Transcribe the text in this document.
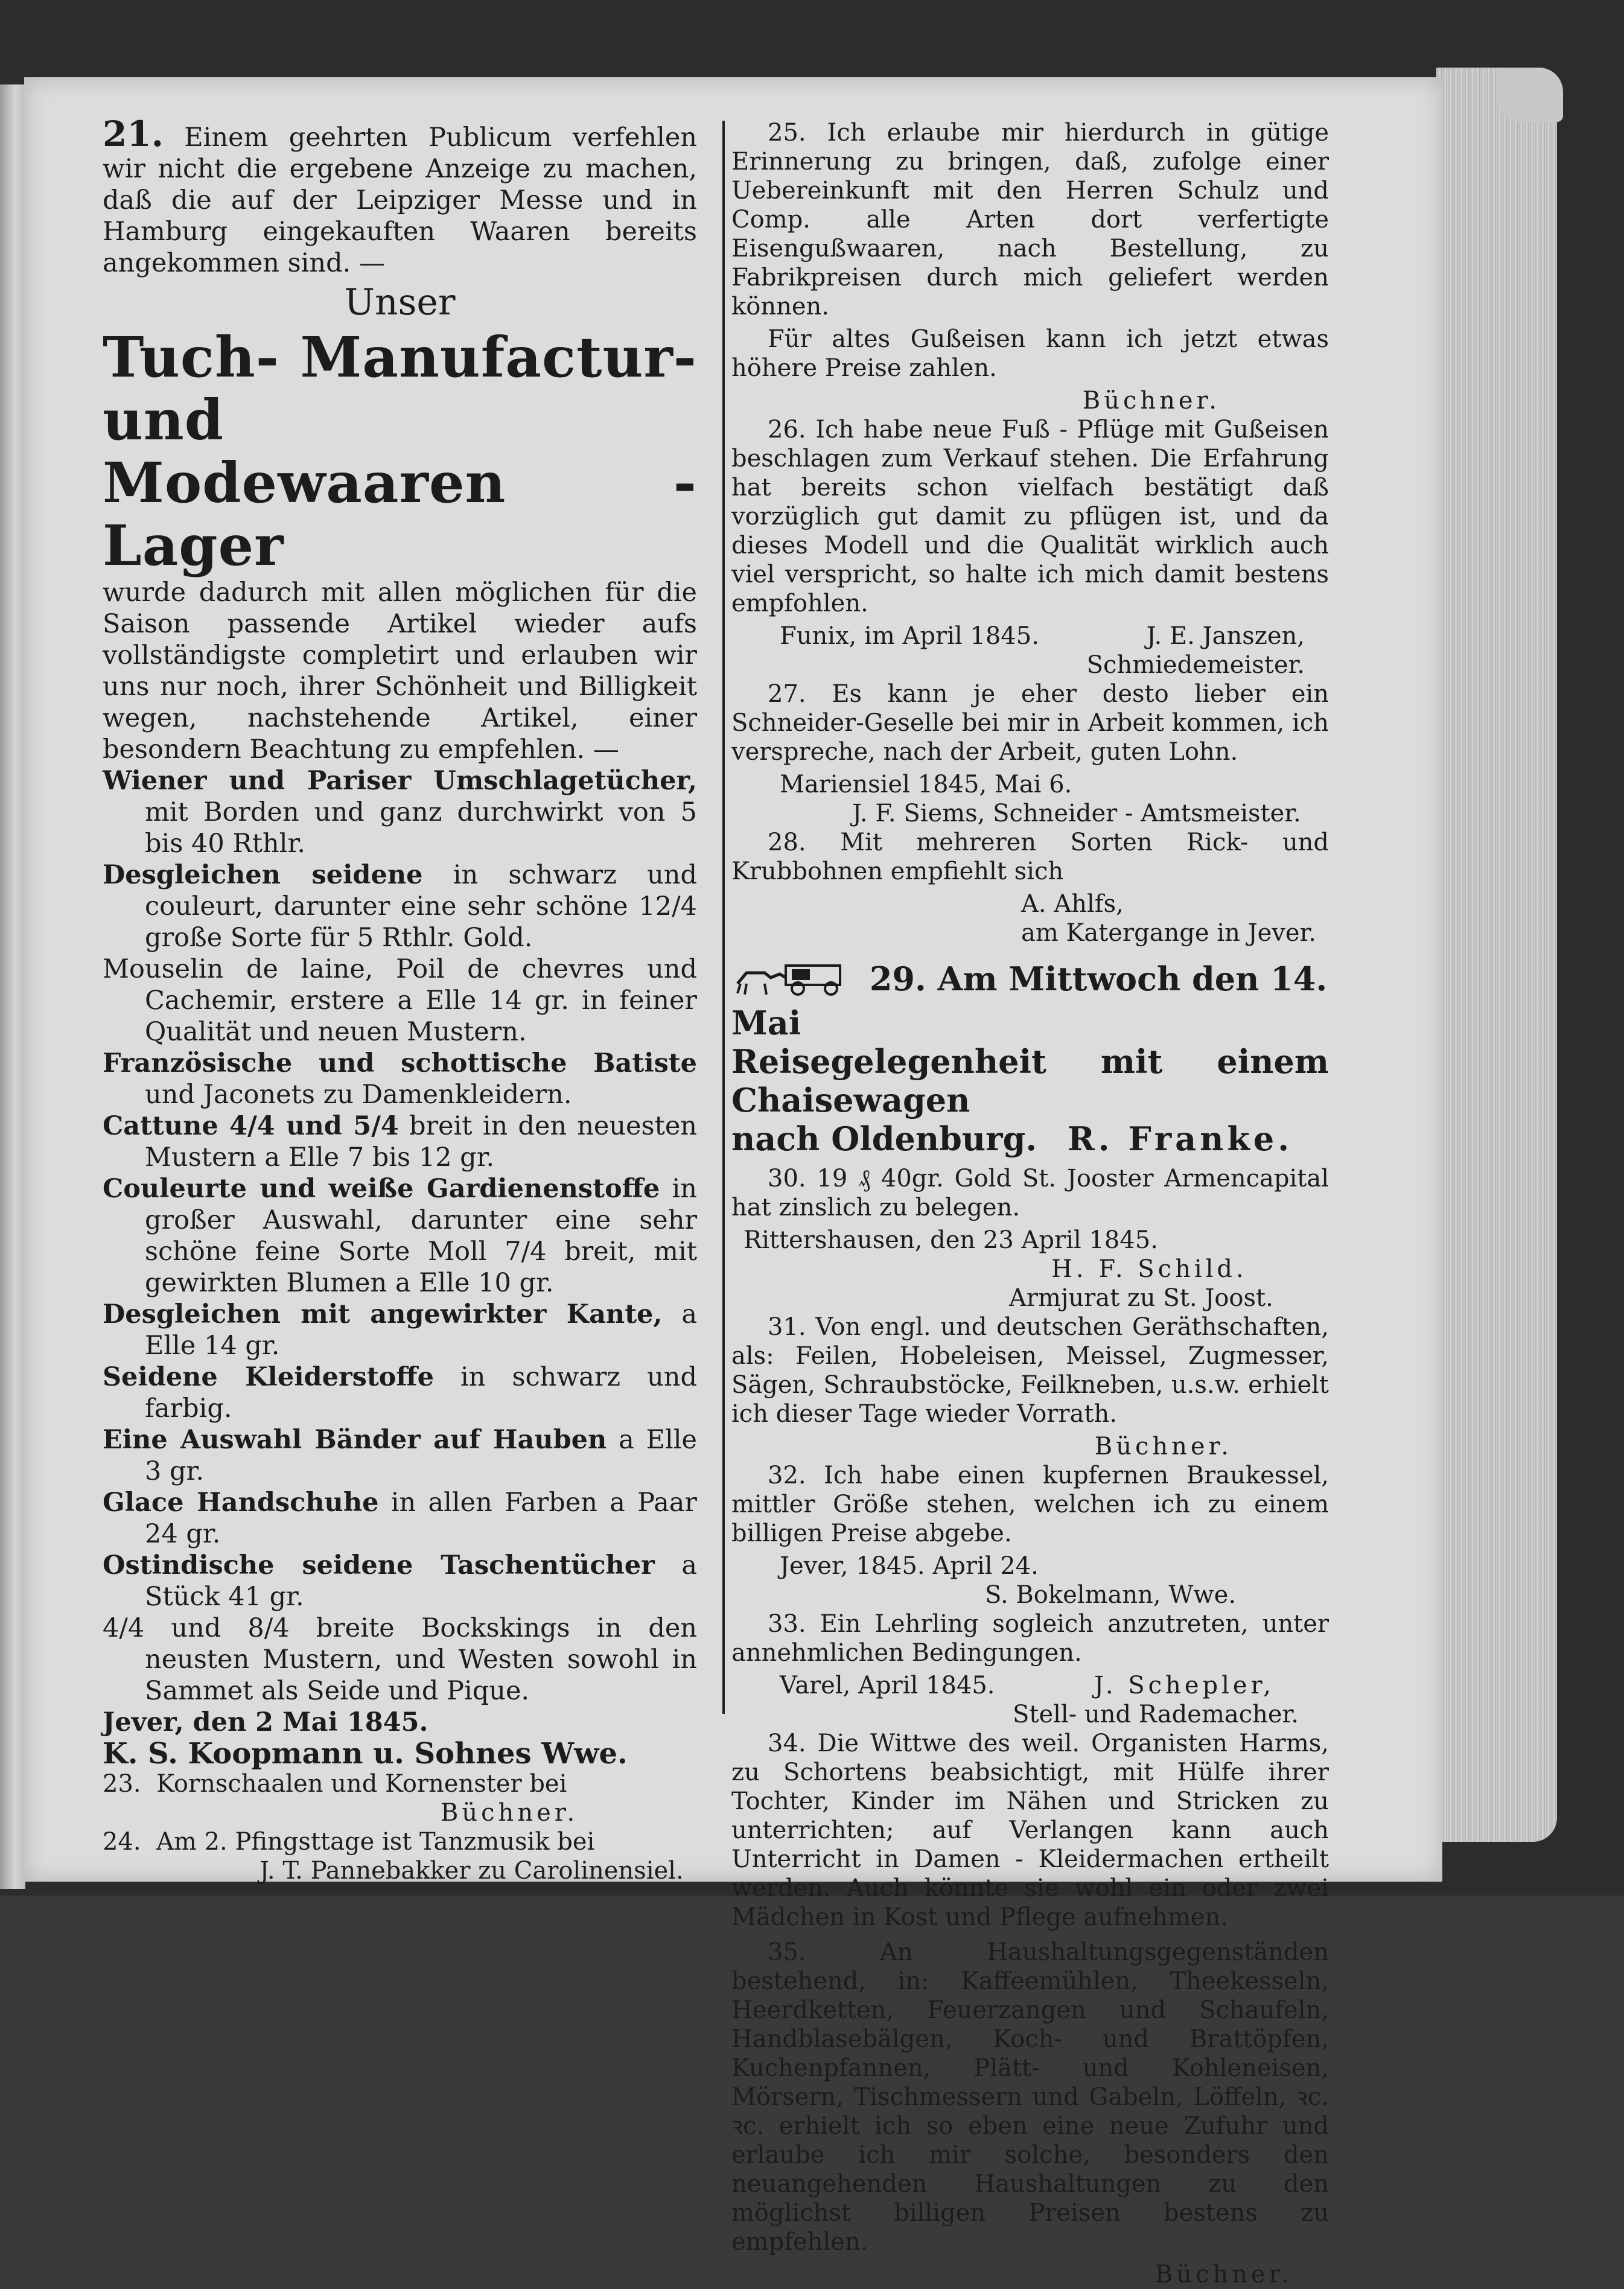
21. Einem geehrten Publicum verfehlen wir nicht die ergebene Anzeige zu machen, daß die auf der Leipziger Messe und in Hamburg eingekauften Waaren bereits angekommen sind. —

Unser

Tuch- Manufactur- und

Modewaaren - Lager

wurde dadurch mit allen möglichen für die Saison passende Artikel wieder aufs vollständigste completirt und erlauben wir uns nur noch, ihrer Schönheit und Billigkeit wegen, nachstehende Artikel, einer besondern Beachtung zu empfehlen. —

Wiener und Pariser Umschlagetücher, mit Borden und ganz durchwirkt von 5 bis 40 Rthlr.

Desgleichen seidene in schwarz und couleurt, darunter eine sehr schöne 12/4 große Sorte für 5 Rthlr. Gold.

Mouselin de laine, Poil de chevres und Cachemir, erstere a Elle 14 gr. in feiner Qualität und neuen Mustern.

Französische und schottische Batiste und Jaconets zu Damenkleidern.

Cattune 4/4 und 5/4 breit in den neuesten Mustern a Elle 7 bis 12 gr.

Couleurte und weiße Gardienenstoffe in großer Auswahl, darunter eine sehr schöne feine Sorte Moll 7/4 breit, mit gewirkten Blumen a Elle 10 gr.

Desgleichen mit angewirkter Kante, a Elle 14 gr.

Seidene Kleiderstoffe in schwarz und farbig.

Eine Auswahl Bänder auf Hauben a Elle 3 gr.

Glace Handschuhe in allen Farben a Paar 24 gr.

Ostindische seidene Taschentücher a Stück 41 gr.

4/4 und 8/4 breite Bockskings in den neusten Mustern, und Westen sowohl in Sammet als Seide und Pique.

Jever, den 2 Mai 1845.

K. S. Koopmann u. Sohnes Wwe.

23. Kornschaalen und Kornenster bei

Büchner.

24. Am 2. Pfingsttage ist Tanzmusik bei

J. T. Pannebakker zu Carolinensiel.

25. Ich erlaube mir hierdurch in gütige Erinnerung zu bringen, daß, zufolge einer Uebereinkunft mit den Herren Schulz und Comp. alle Arten dort verfertigte Eisengußwaaren, nach Bestellung, zu Fabrikpreisen durch mich geliefert werden können.

Für altes Gußeisen kann ich jetzt etwas höhere Preise zahlen.

Büchner.

26. Ich habe neue Fuß - Pflüge mit Gußeisen beschlagen zum Verkauf stehen. Die Erfahrung hat bereits schon vielfach bestätigt daß vorzüglich gut damit zu pflügen ist, und da dieses Modell und die Qualität wirklich auch viel verspricht, so halte ich mich damit bestens empfohlen.

Funix, im April 1845.	J. E. Janszen,

Schmiedemeister.

27. Es kann je eher desto lieber ein Schneider-Geselle bei mir in Arbeit kommen, ich verspreche, nach der Arbeit, guten Lohn.

Mariensiel 1845, Mai 6.

J. F. Siems, Schneider - Amtsmeister.

28. Mit mehreren Sorten Rick- und Krubbohnen empfiehlt sich

A. Ahlfs,

am Katergange in Jever.

29. Am Mittwoch den 14. Mai

Reisegelegenheit mit einem Chaisewagen

nach Oldenburg. R. Franke.

30. 19 ₰ 40gr. Gold St. Jooster Armencapital hat zinslich zu belegen.

Rittershausen, den 23 April 1845.

H. F. Schild.

Armjurat zu St. Joost.

31. Von engl. und deutschen Geräthschaften, als: Feilen, Hobeleisen, Meissel, Zugmesser, Sägen, Schraubstöcke, Feilkneben, u.s.w. erhielt ich dieser Tage wieder Vorrath.

Büchner.

32. Ich habe einen kupfernen Braukessel, mittler Größe stehen, welchen ich zu einem billigen Preise abgebe.

Jever, 1845. April 24.

S. Bokelmann, Wwe.

33. Ein Lehrling sogleich anzutreten, unter annehmlichen Bedingungen.

Varel, April 1845.	J. Schepler,

Stell- und Rademacher.

34. Die Wittwe des weil. Organisten Harms, zu Schortens beabsichtigt, mit Hülfe ihrer Tochter, Kinder im Nähen und Stricken zu unterrichten; auf Verlangen kann auch Unterricht in Damen - Kleidermachen ertheilt werden. Auch könnte sie wohl ein oder zwei Mädchen in Kost und Pflege aufnehmen.

35. An Haushaltungsgegenständen bestehend, in: Kaffeemühlen, Theekesseln, Heerdketten, Feuerzangen und Schaufeln, Handblasebälgen, Koch- und Brattöpfen, Kuchenpfannen, Plätt- und Kohleneisen, Mörsern, Tischmessern und Gabeln, Löffeln, ꝛc. ꝛc. erhielt ich so eben eine neue Zufuhr und erlaube ich mir solche, besonders den neuangehenden Haushaltungen zu den möglichst billigen Preisen bestens zu empfehlen.

Büchner.
